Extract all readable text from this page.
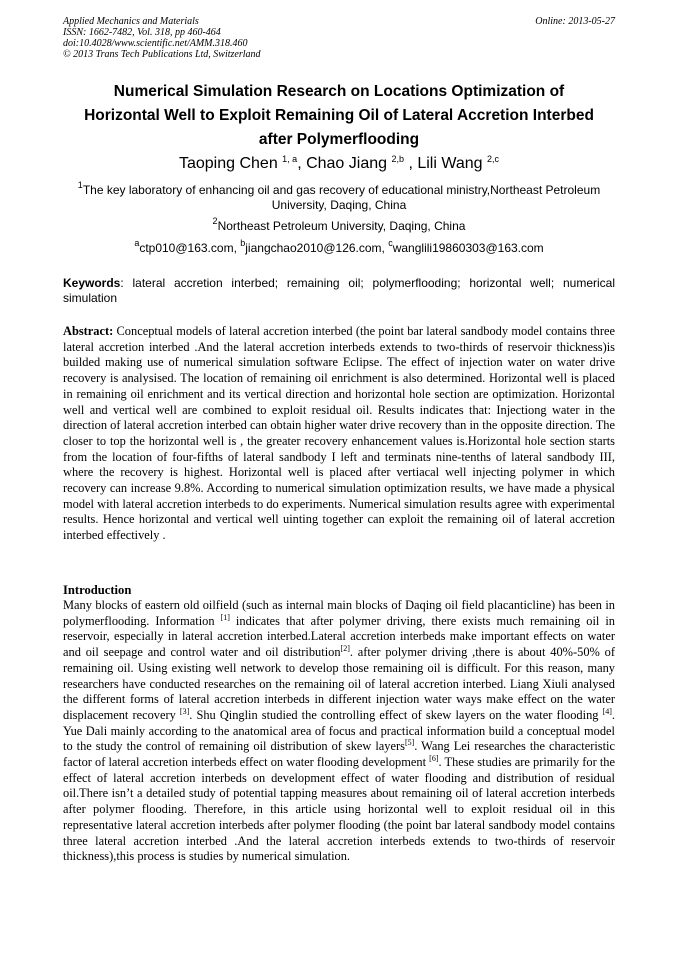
Applied Mechanics and Materials
ISSN: 1662-7482, Vol. 318, pp 460-464
doi:10.4028/www.scientific.net/AMM.318.460
© 2013 Trans Tech Publications Ltd, Switzerland
Online: 2013-05-27
Numerical Simulation Research on Locations Optimization of
Horizontal Well to Exploit Remaining Oil of Lateral Accretion Interbed
after Polymerflooding
Taoping Chen $^{1, a}$, Chao Jiang $^{2,b}$ , Lili Wang $^{2,c}$
$^1$The key laboratory of enhancing oil and gas recovery of educational ministry,Northeast Petroleum University, Daqing, China
$^2$Northeast Petroleum University, Daqing, China
$^a$ctp010@163.com, $^b$jiangchao2010@126.com, $^c$wanglili19860303@163.com
Keywords: lateral accretion interbed; remaining oil; polymerflooding; horizontal well; numerical simulation
Abstract: Conceptual models of lateral accretion interbed (the point bar lateral sandbody model contains three lateral accretion interbed .And the lateral accretion interbeds extends to two-thirds of reservoir thickness)is builded making use of numerical simulation software Eclipse. The effect of injection water on water drive recovery is analysised. The location of remaining oil enrichment is also determined. Horizontal well is placed in remaining oil enrichment and its vertical direction and horizontal hole section are optimization. Horizontal well and vertical well are combined to exploit residual oil. Results indicates that: Injectiong water in the direction of lateral accretion interbed can obtain higher water drive recovery than in the opposite direction. The closer to top the horizontal well is , the greater recovery enhancement values is.Horizontal hole section starts from the location of four-fifths of lateral sandbody I left and terminats nine-tenths of lateral sandbody III, where the recovery is highest. Horizontal well is placed after vertiacal well injecting polymer in which recovery can increase 9.8%. According to numerical simulation optimization results, we have made a physical model with lateral accretion interbeds to do experiments. Numerical simulation results agree with experimental results. Hence horizontal and vertical well uinting together can exploit the remaining oil of lateral accretion interbed effectively .
Introduction
Many blocks of eastern old oilfield (such as internal main blocks of Daqing oil field placanticline) has been in polymerflooding. Information [1] indicates that after polymer driving, there exists much remaining oil in reservoir, especially in lateral accretion interbed.Lateral accretion interbeds make important effects on water and oil seepage and control water and oil distribution[2]. after polymer driving ,there is about 40%-50% of remaining oil. Using existing well network to develop those remaining oil is difficult. For this reason, many researchers have conducted researches on the remaining oil of lateral accretion interbed. Liang Xiuli analysed the different forms of lateral accretion interbeds in different injection water ways make effect on the water displacement recovery [3]. Shu Qinglin studied the controlling effect of skew layers on the water flooding [4]. Yue Dali mainly according to the anatomical area of focus and practical information build a conceptual model to the study the control of remaining oil distribution of skew layers[5]. Wang Lei researches the characteristic factor of lateral accretion interbeds effect on water flooding development [6]. These studies are primarily for the effect of lateral accretion interbeds on development effect of water flooding and distribution of residual oil.There isn’t a detailed study of potential tapping measures about remaining oil of lateral accretion interbeds after polymer flooding. Therefore, in this article using horizontal well to exploit residual oil in this representative lateral accretion interbeds after polymer flooding (the point bar lateral sandbody model contains three lateral accretion interbed .And the lateral accretion interbeds extends to two-thirds of reservoir thickness),this process is studies by numerical simulation.
